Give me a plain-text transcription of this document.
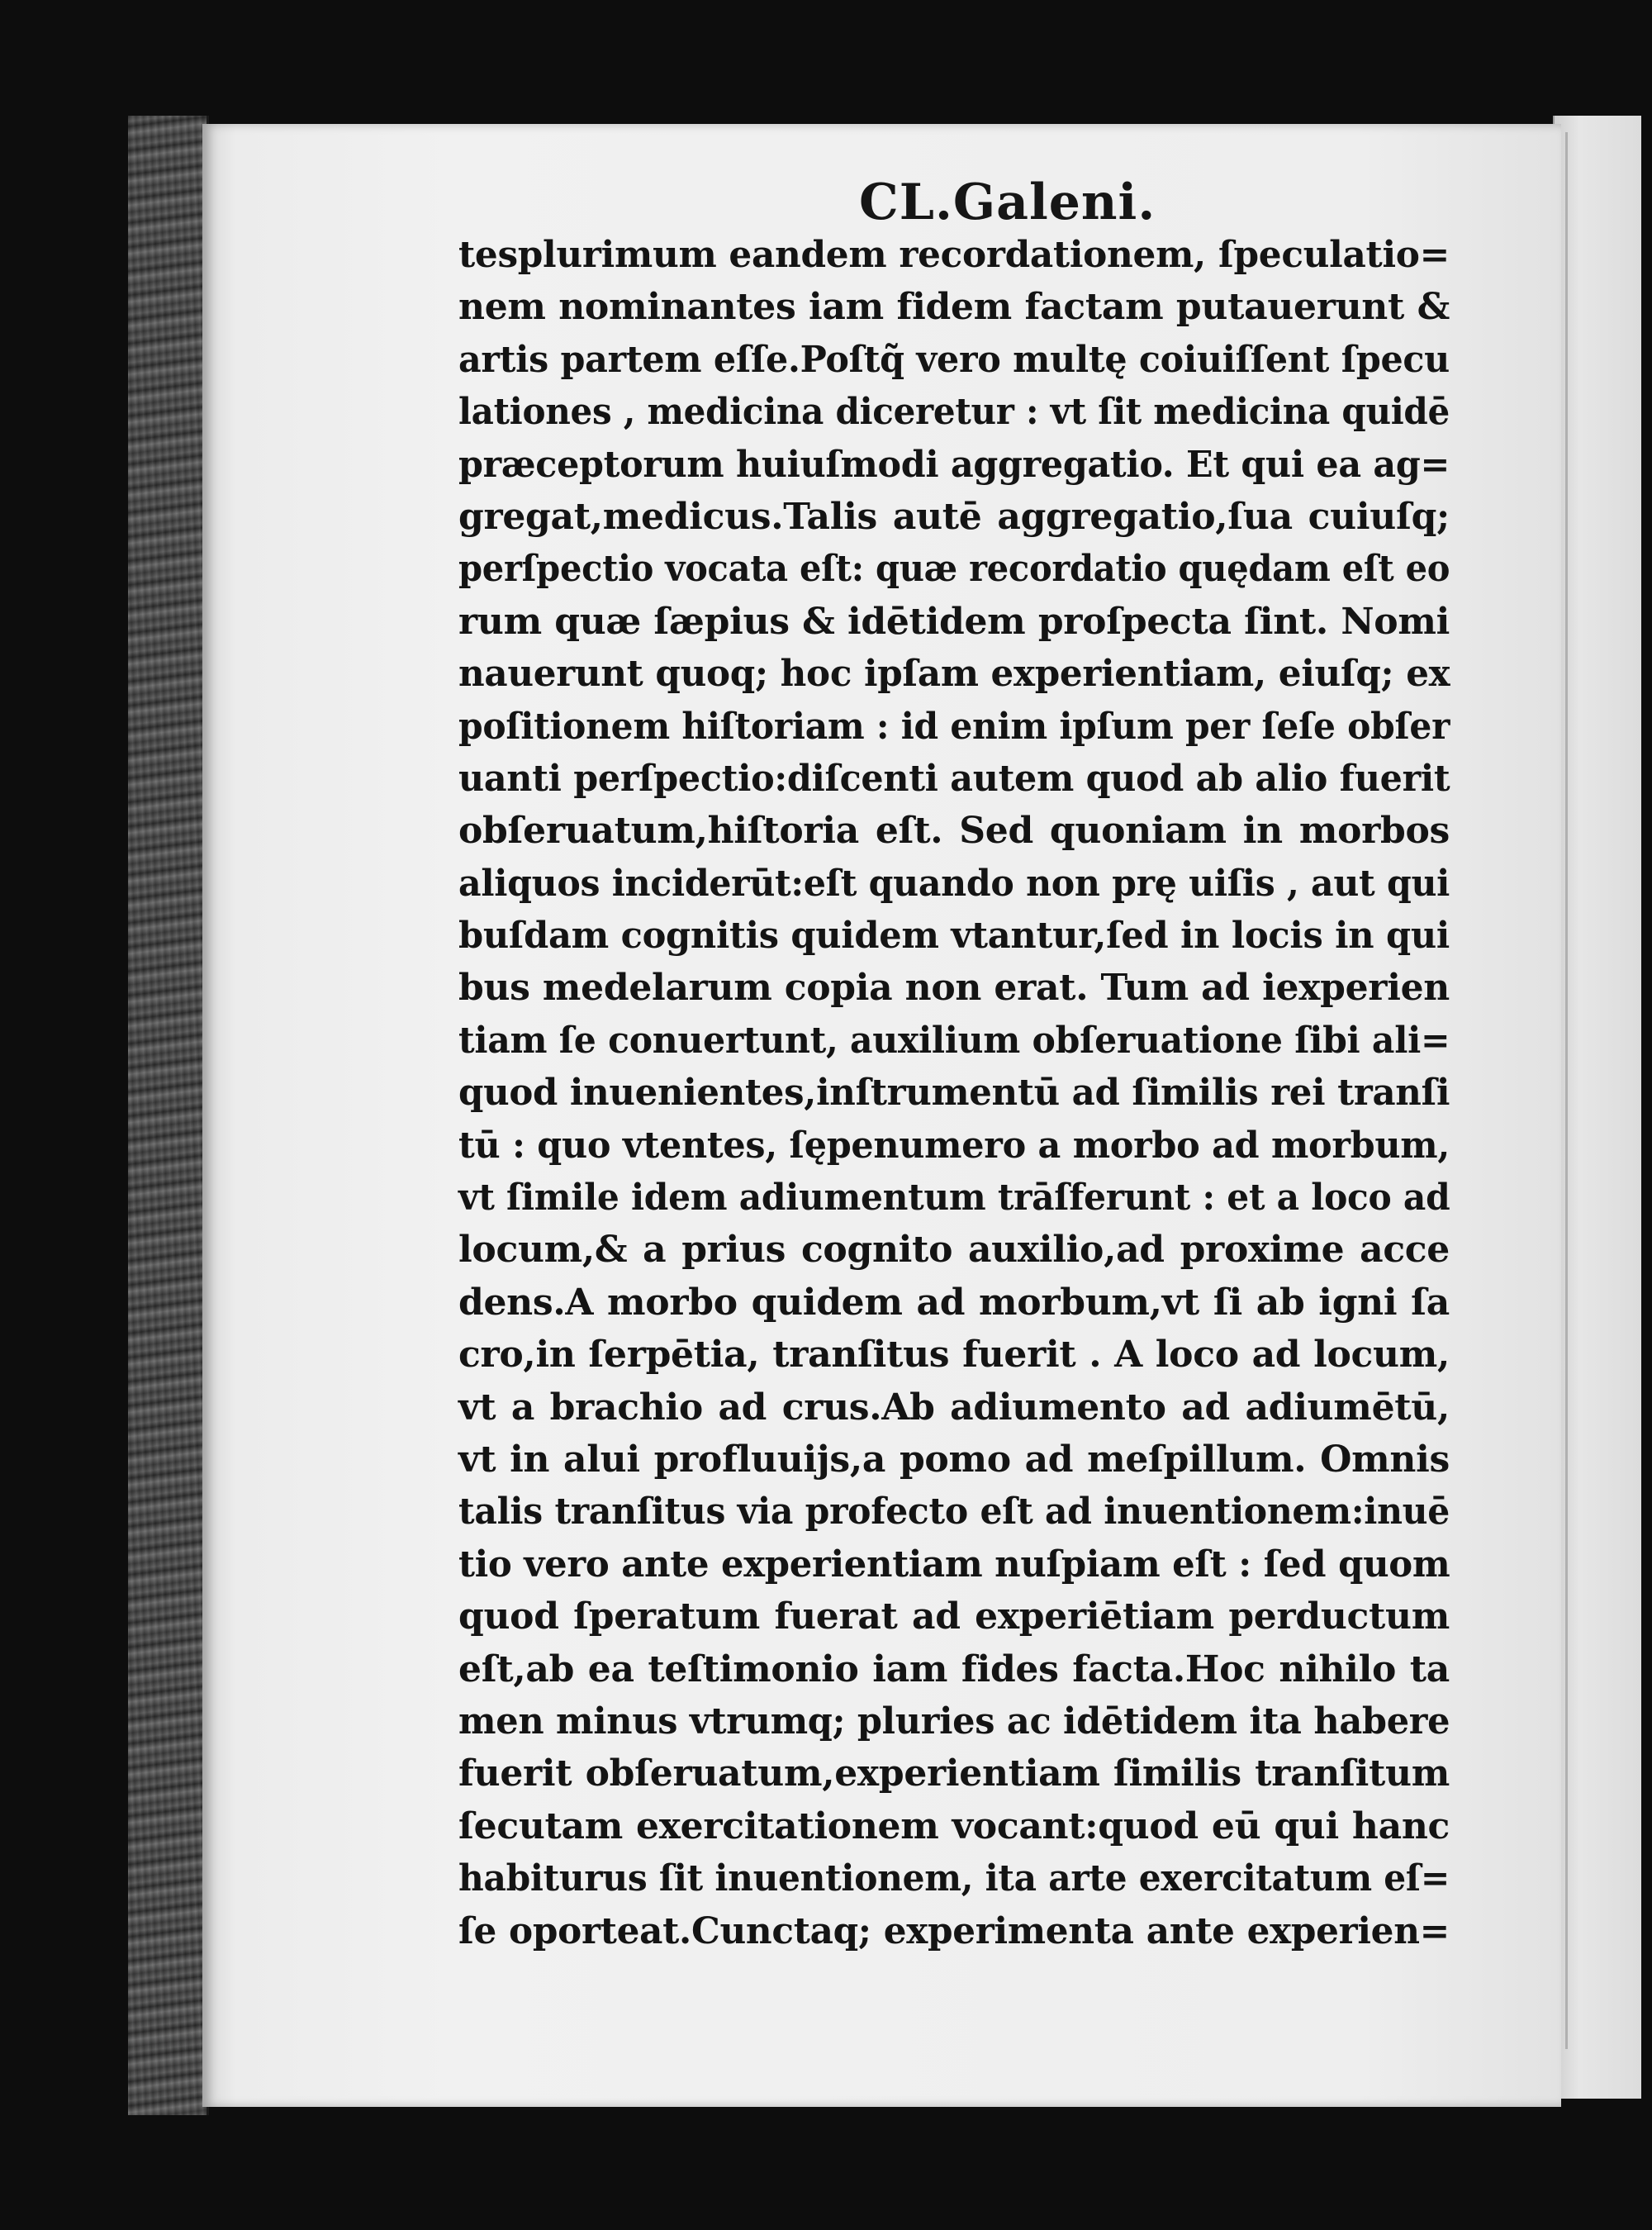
CL.Galeni.
tesplurimum eandem recordationem, ſpeculatio=
nem nominantes iam fidem factam putauerunt &
artis partem eſſe.Poſtq̃ vero multę coiuiſſent ſpecu
lationes , medicina diceretur : vt ſit medicina quidē
præceptorum huiuſmodi aggregatio. Et qui ea ag=
gregat,medicus.Talis autē aggregatio,ſua cuiuſq;
perſpectio vocata eſt: quæ recordatio quędam eſt eo
rum quæ ſæpius & idētidem proſpecta ſint. Nomi
nauerunt quoq; hoc ipſam experientiam, eiuſq; ex
poſitionem hiſtoriam : id enim ipſum per ſeſe obſer
uanti perſpectio:diſcenti autem quod ab alio fuerit
obſeruatum,hiſtoria eſt. Sed quoniam in morbos
aliquos inciderūt:eſt quando non prę uiſis , aut qui
buſdam cognitis quidem vtantur,ſed in locis in qui
bus medelarum copia non erat. Tum ad iexperien
tiam ſe conuertunt, auxilium obſeruatione ſibi ali=
quod inuenientes,inſtrumentū ad ſimilis rei tranſi
tū : quo vtentes, ſępenumero a morbo ad morbum,
vt ſimile idem adiumentum trāſferunt : et a loco ad
locum,& a prius cognito auxilio,ad proxime acce
dens.A morbo quidem ad morbum,vt ſi ab igni ſa
cro,in ſerpētia, tranſitus fuerit . A loco ad locum,
vt a brachio ad crus.Ab adiumento ad adiumētū,
vt in alui profluuijs,a pomo ad meſpillum. Omnis
talis tranſitus via profecto eſt ad inuentionem:inuē
tio vero ante experientiam nuſpiam eſt : ſed quom
quod ſperatum fuerat ad experiētiam perductum
eſt,ab ea teſtimonio iam fides facta.Hoc nihilo ta
men minus vtrumq; pluries ac idētidem ita habere
fuerit obſeruatum,experientiam ſimilis tranſitum
ſecutam exercitationem vocant:quod eū qui hanc
habiturus ſit inuentionem, ita arte exercitatum eſ=
ſe oporteat.Cunctaq; experimenta ante experien=
